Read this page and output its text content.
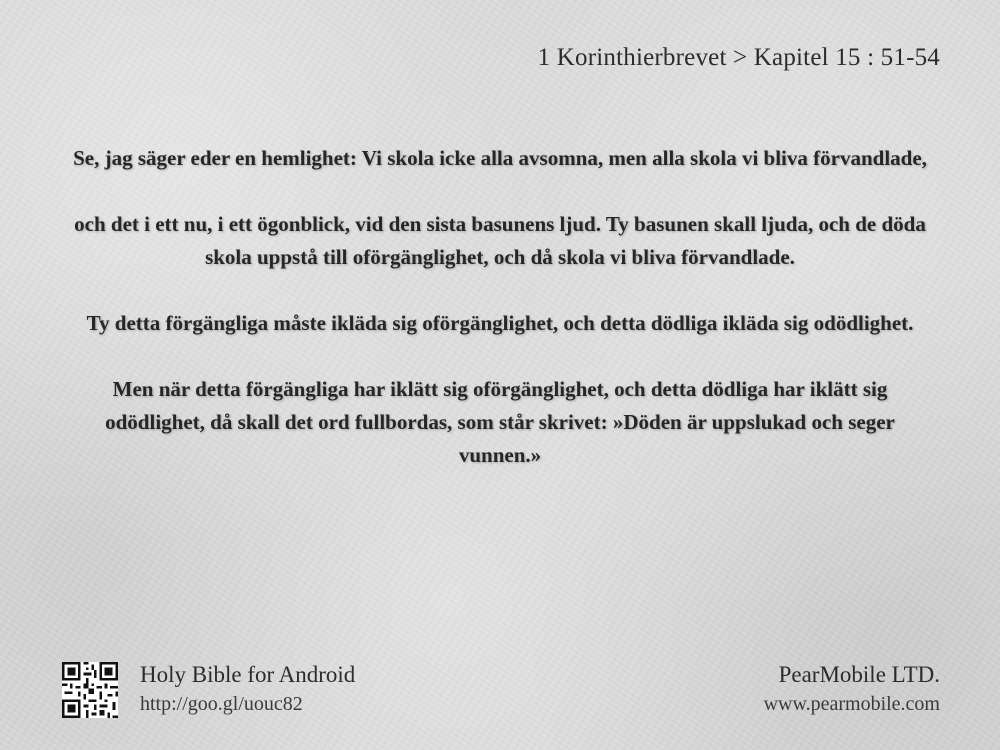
1 Korinthierbrevet > Kapitel 15 : 51-54

Se, jag säger eder en hemlighet: Vi skola icke alla avsomna, men alla skola vi bliva förvandlade,

och det i ett nu, i ett ögonblick, vid den sista basunens ljud. Ty basunen skall ljuda, och de döda skola uppstå till oförgänglighet, och då skola vi bliva förvandlade.

Ty detta förgängliga måste ikläda sig oförgänglighet, och detta dödliga ikläda sig odödlighet.

Men när detta förgängliga har iklätt sig oförgänglighet, och detta dödliga har iklätt sig odödlighet, då skall det ord fullbordas, som står skrivet: »Döden är uppslukad och seger vunnen.»

Holy Bible for Android
http://goo.gl/uouc82
PearMobile LTD.
www.pearmobile.com
